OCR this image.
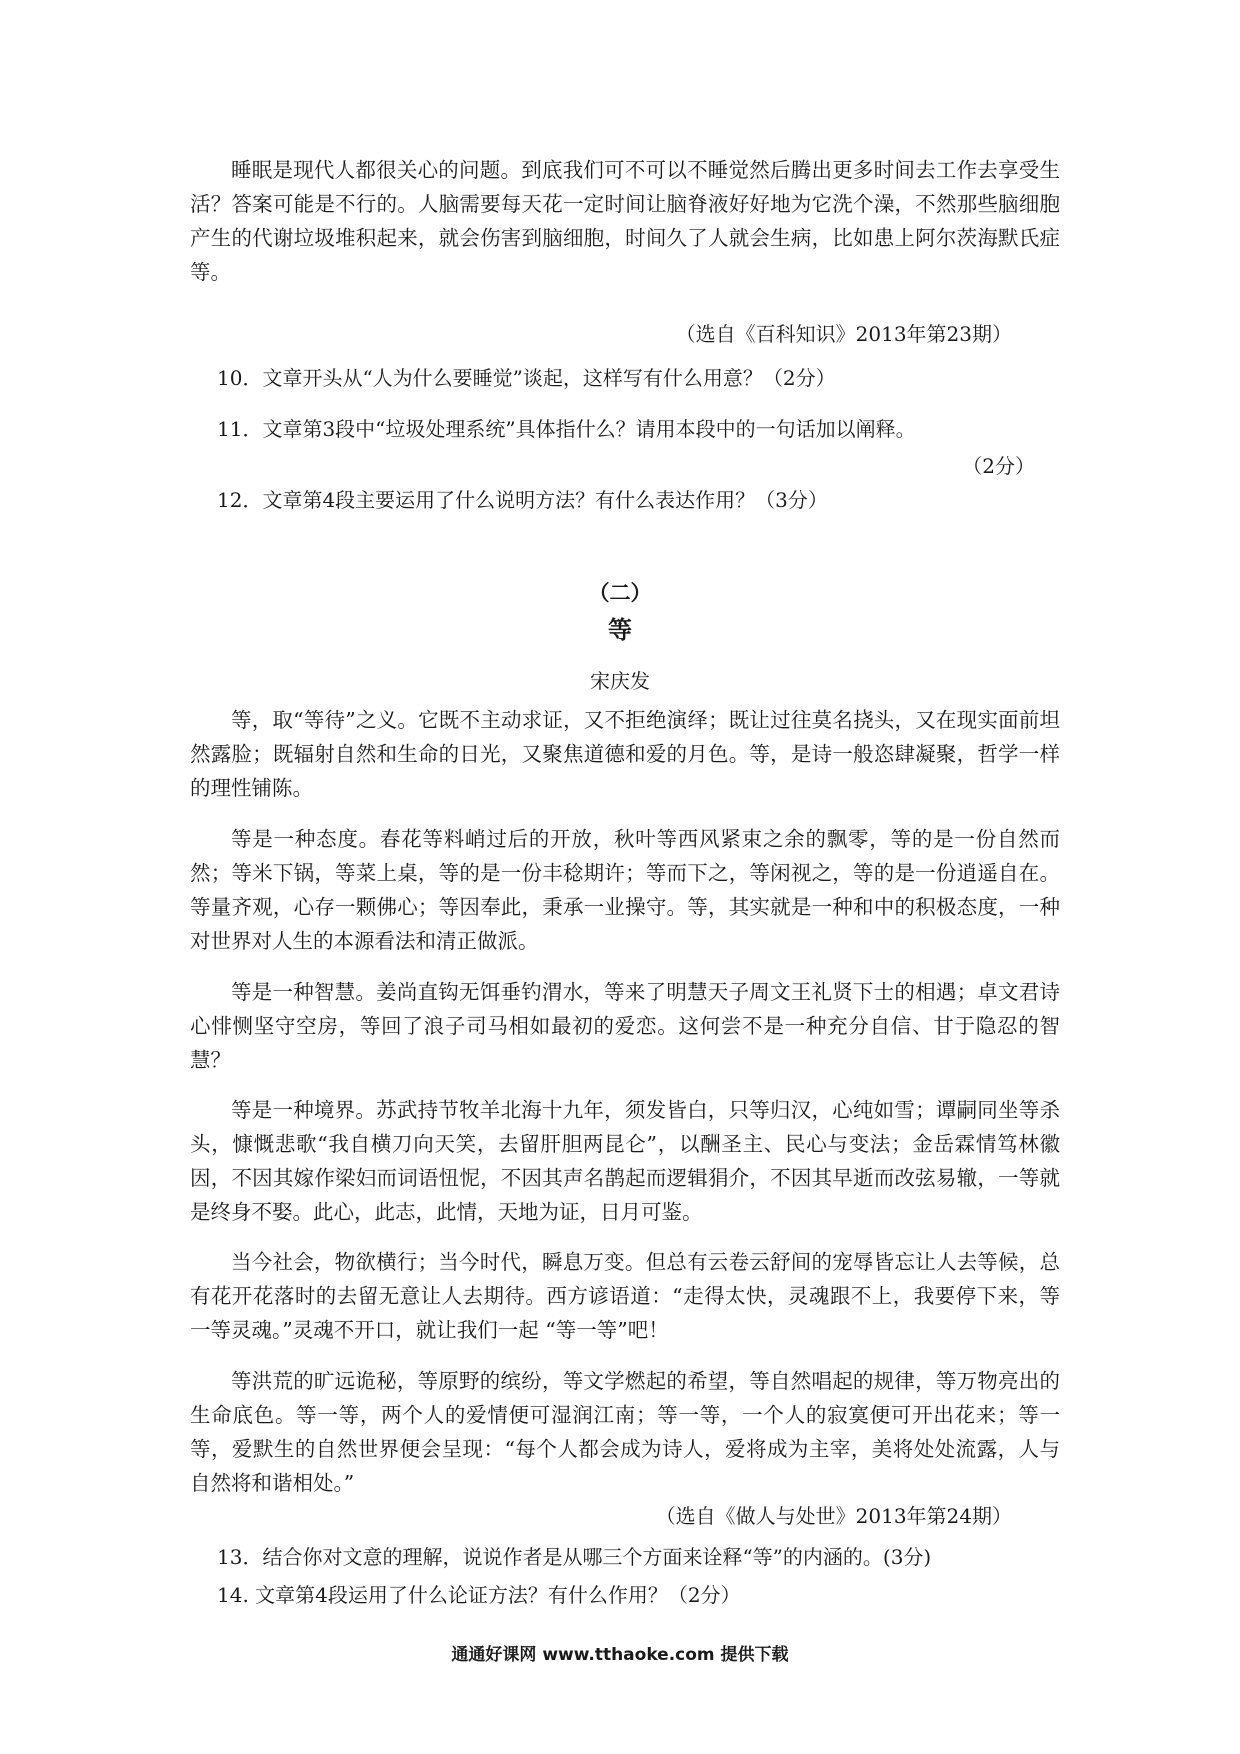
睡眠是现代人都很关心的问题。到底我们可不可以不睡觉然后腾出更多时间去工作去享受生活？答案可能是不行的。人脑需要每天花一定时间让脑脊液好好地为它洗个澡，不然那些脑细胞产生的代谢垃圾堆积起来，就会伤害到脑细胞，时间久了人就会生病，比如患上阿尔茨海默氏症等。

（选自《百科知识》2013年第23期）

10．文章开头从“人为什么要睡觉”谈起，这样写有什么用意？（2分）

11．文章第3段中“垃圾处理系统”具体指什么？请用本段中的一句话加以阐释。

（2分）

12．文章第4段主要运用了什么说明方法？有什么表达作用？（3分）

（二）

等

宋庆发

等，取“等待”之义。它既不主动求证，又不拒绝演绎；既让过往莫名挠头，又在现实面前坦然露脸；既辐射自然和生命的日光，又聚焦道德和爱的月色。等，是诗一般恣肆凝聚，哲学一样的理性铺陈。

等是一种态度。春花等料峭过后的开放，秋叶等西风紧束之余的飘零，等的是一份自然而然；等米下锅，等菜上桌，等的是一份丰稔期许；等而下之，等闲视之，等的是一份逍遥自在。等量齐观，心存一颗佛心；等因奉此，秉承一业操守。等，其实就是一种和中的积极态度，一种对世界对人生的本源看法和清正做派。

等是一种智慧。姜尚直钩无饵垂钓渭水，等来了明慧天子周文王礼贤下士的相遇；卓文君诗心悱恻坚守空房，等回了浪子司马相如最初的爱恋。这何尝不是一种充分自信、甘于隐忍的智慧？

等是一种境界。苏武持节牧羊北海十九年，须发皆白，只等归汉，心纯如雪；谭嗣同坐等杀头，慷慨悲歌“我自横刀向天笑，去留肝胆两昆仑”，以酬圣主、民心与变法；金岳霖情笃林徽因，不因其嫁作梁妇而词语忸怩，不因其声名鹊起而逻辑狷介，不因其早逝而改弦易辙，一等就是终身不娶。此心，此志，此情，天地为证，日月可鉴。

当今社会，物欲横行；当今时代，瞬息万变。但总有云卷云舒间的宠辱皆忘让人去等候，总有花开花落时的去留无意让人去期待。西方谚语道：“走得太快，灵魂跟不上，我要停下来，等一等灵魂。”灵魂不开口，就让我们一起 “等一等”吧！

等洪荒的旷远诡秘，等原野的缤纷，等文学燃起的希望，等自然唱起的规律，等万物亮出的生命底色。等一等，两个人的爱情便可湿润江南；等一等，一个人的寂寞便可开出花来；等一等，爱默生的自然世界便会呈现：“每个人都会成为诗人，爱将成为主宰，美将处处流露，人与自然将和谐相处。”

（选自《做人与处世》2013年第24期）

13．结合你对文意的理解，说说作者是从哪三个方面来诠释“等”的内涵的。(3分)

14. 文章第4段运用了什么论证方法？有什么作用？（2分）

通通好课网 www.tthaoke.com 提供下载
